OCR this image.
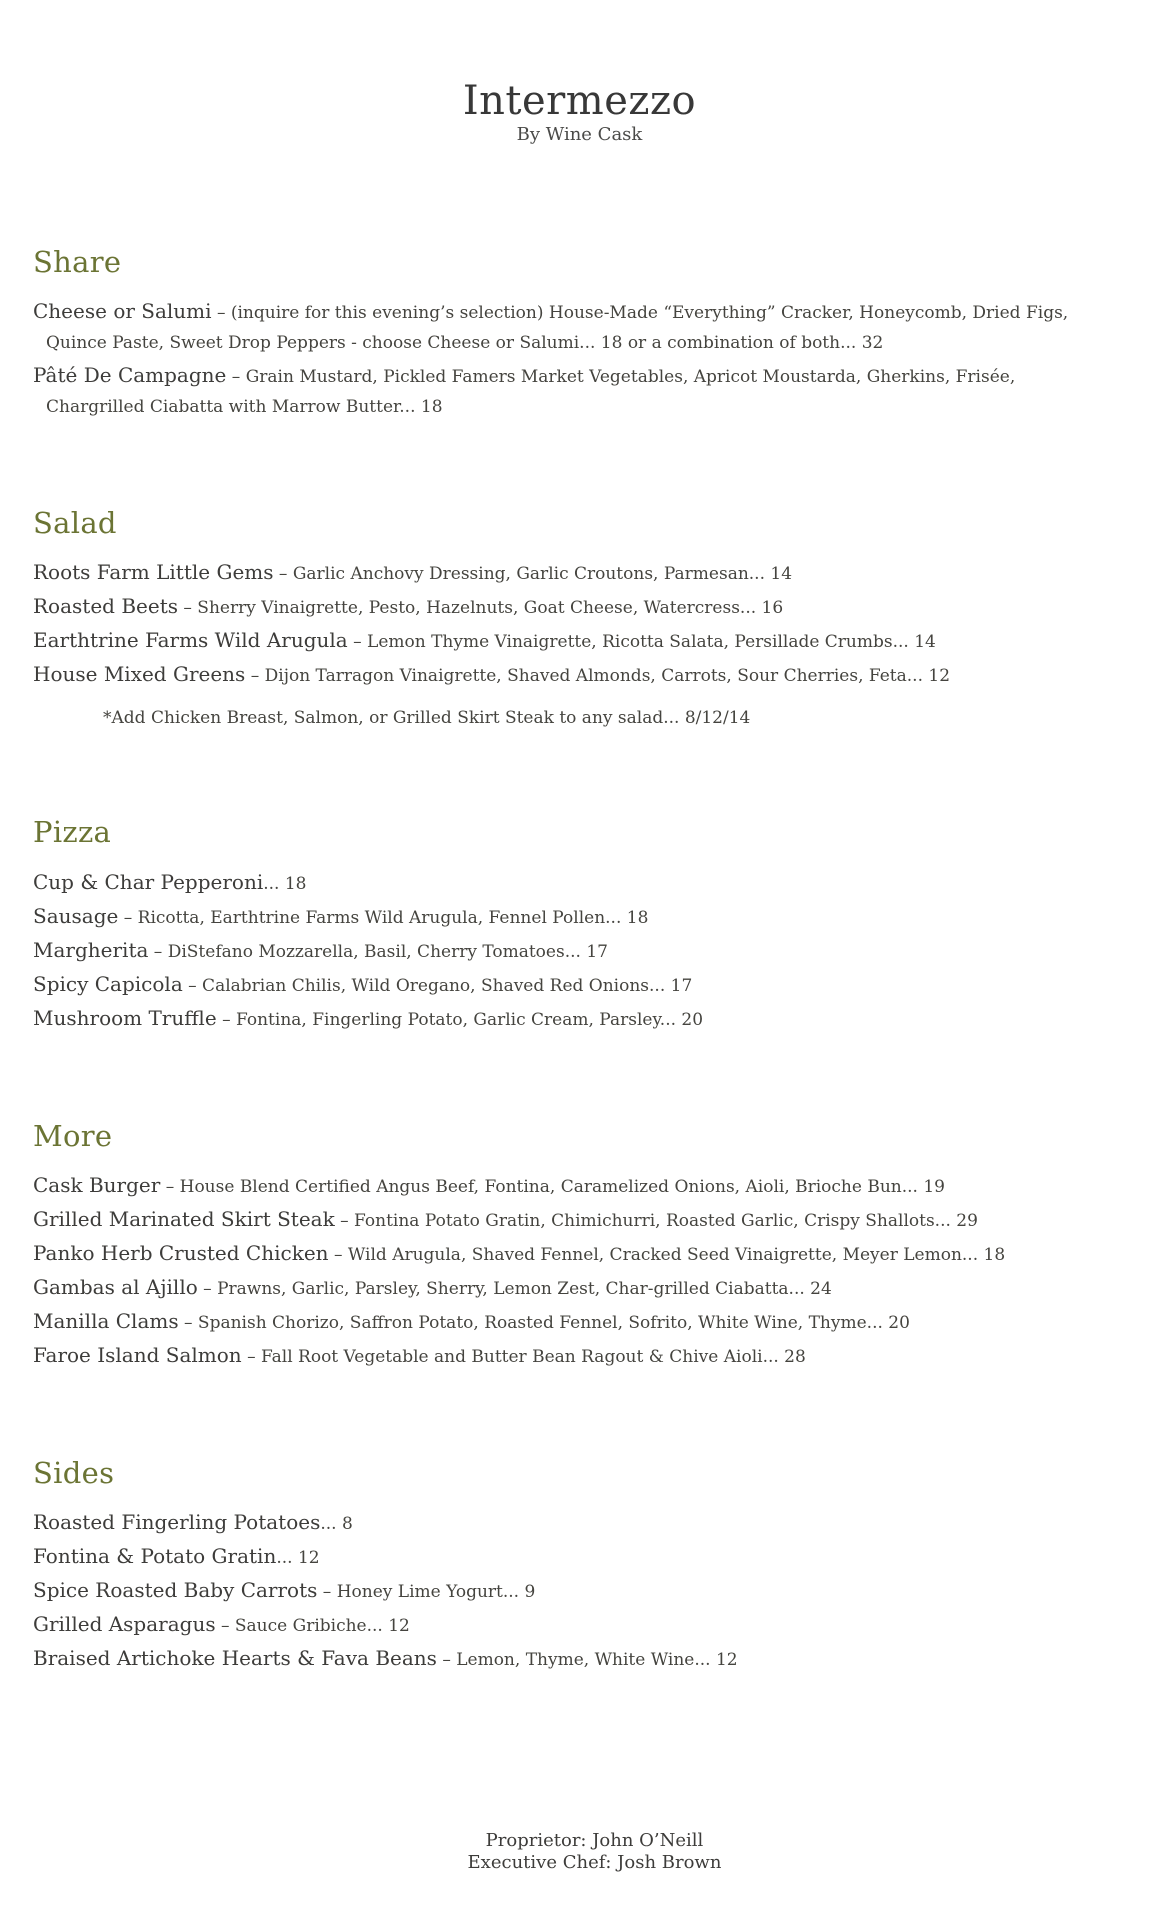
Intermezzo
By Wine Cask
Share

Cheese or Salumi – (inquire for this evening’s selection) House-Made “Everything” Cracker, Honeycomb, Dried Figs, Quince Paste, Sweet Drop Peppers - choose Cheese or Salumi... 18 or a combination of both... 32

Pâté De Campagne – Grain Mustard, Pickled Famers Market Vegetables, Apricot Moustarda, Gherkins, Frisée, Chargrilled Ciabatta with Marrow Butter... 18

Salad

Roots Farm Little Gems – Garlic Anchovy Dressing, Garlic Croutons, Parmesan... 14

Roasted Beets – Sherry Vinaigrette, Pesto, Hazelnuts, Goat Cheese, Watercress... 16

Earthtrine Farms Wild Arugula – Lemon Thyme Vinaigrette, Ricotta Salata, Persillade Crumbs... 14

House Mixed Greens – Dijon Tarragon Vinaigrette, Shaved Almonds, Carrots, Sour Cherries, Feta... 12

*Add Chicken Breast, Salmon, or Grilled Skirt Steak to any salad... 8/12/14

Pizza

Cup & Char Pepperoni... 18

Sausage – Ricotta, Earthtrine Farms Wild Arugula, Fennel Pollen... 18

Margherita – DiStefano Mozzarella, Basil, Cherry Tomatoes... 17

Spicy Capicola – Calabrian Chilis, Wild Oregano, Shaved Red Onions... 17

Mushroom Truffle – Fontina, Fingerling Potato, Garlic Cream, Parsley... 20

More

Cask Burger – House Blend Certified Angus Beef, Fontina, Caramelized Onions, Aioli, Brioche Bun... 19

Grilled Marinated Skirt Steak – Fontina Potato Gratin, Chimichurri, Roasted Garlic, Crispy Shallots... 29

Panko Herb Crusted Chicken – Wild Arugula, Shaved Fennel, Cracked Seed Vinaigrette, Meyer Lemon... 18

Gambas al Ajillo – Prawns, Garlic, Parsley, Sherry, Lemon Zest, Char-grilled Ciabatta... 24

Manilla Clams – Spanish Chorizo, Saffron Potato, Roasted Fennel, Sofrito, White Wine, Thyme... 20

Faroe Island Salmon – Fall Root Vegetable and Butter Bean Ragout & Chive Aioli... 28

Sides

Roasted Fingerling Potatoes... 8

Fontina & Potato Gratin... 12

Spice Roasted Baby Carrots – Honey Lime Yogurt... 9

Grilled Asparagus – Sauce Gribiche... 12

Braised Artichoke Hearts & Fava Beans – Lemon, Thyme, White Wine... 12

Proprietor: John O’Neill
Executive Chef: Josh Brown
